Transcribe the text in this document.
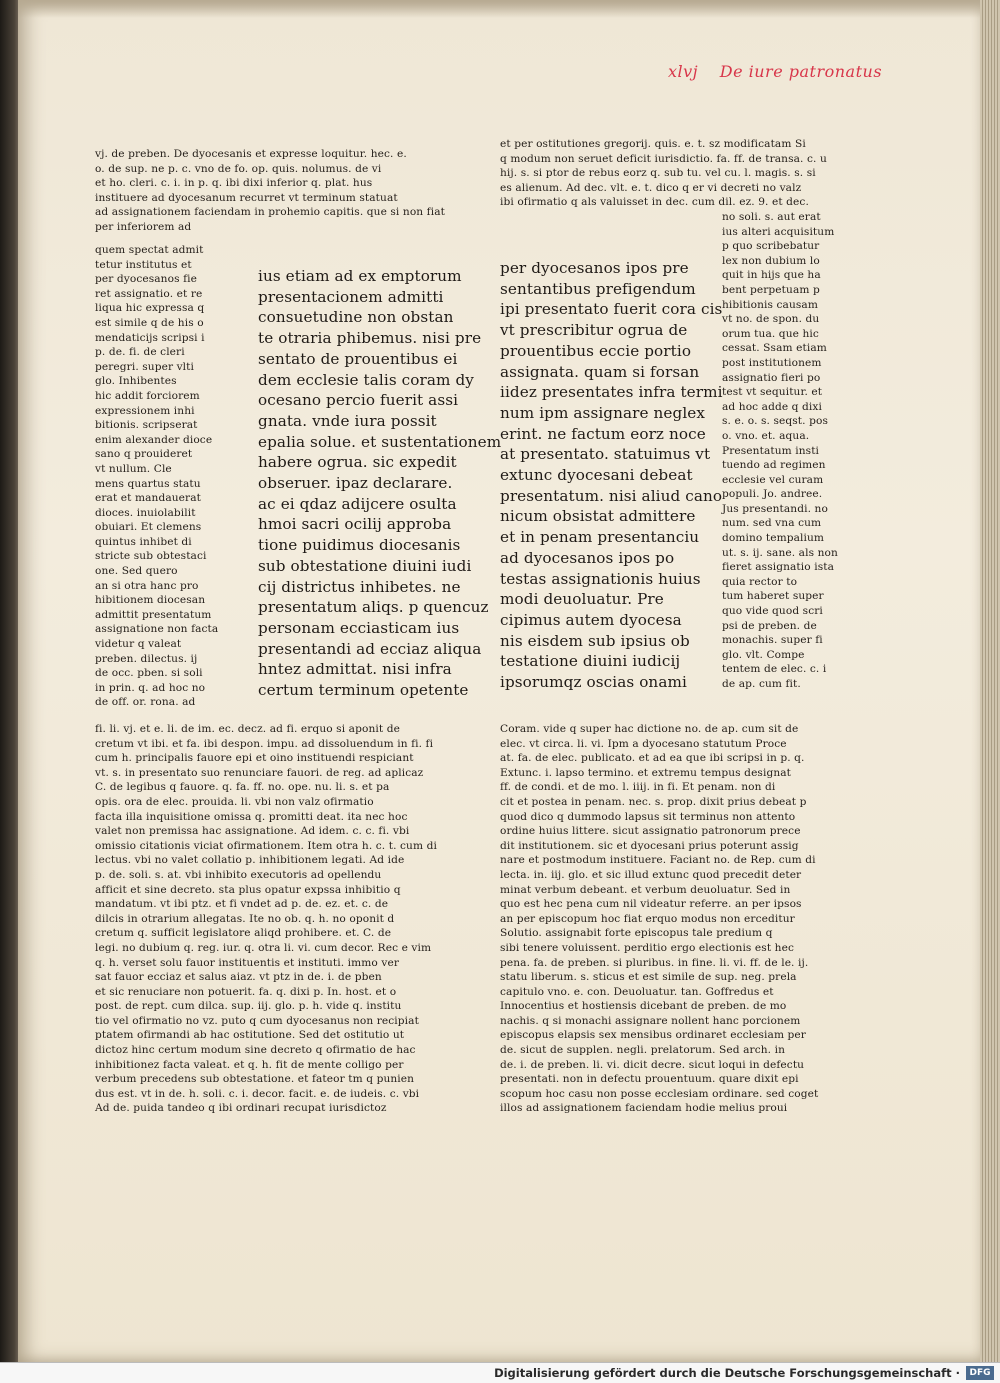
xlvj De iure patronatus
vj. de preben. De dyocesanis et expresse loquitur. hec. e.
o. de sup. ne p. c. vno de fo. op. quis. nolumus. de vi
et ho. cleri. c. i. in p. q. ibi dixi inferior q. plat. hus
instituere ad dyocesanum recurret vt terminum statuat
ad assignationem faciendam in prohemio capitis. que si non fiat
per inferiorem ad
quem spectat admit
tetur institutus et
per dyocesanos fie
ret assignatio. et re
liqua hic expressa q
est simile q de his o
mendaticijs scripsi i
p. de. fi. de cleri
peregri. super vlti
glo. Inhibentes
hic addit forciorem
expressionem inhi
bitionis. scripserat
enim alexander dioce
sano q prouideret
vt nullum. Cle
mens quartus statu
erat et mandauerat
dioces. inuiolabilit
obuiari. Et clemens
quintus inhibet di
stricte sub obtestaci
one. Sed quero
an si otra hanc pro
hibitionem diocesan
admittit presentatum
assignatione non facta
videtur q valeat
preben. dilectus. ij
de occ. pben. si soli
in prin. q. ad hoc no
de off. or. rona. ad
fi. li. vj. et e. li. de im. ec. decz. ad fi. erquo si aponit de
cretum vt ibi. et fa. ibi despon. impu. ad dissoluendum in fi. fi
cum h. principalis fauore epi et oino instituendi respiciant
vt. s. in presentato suo renunciare fauori. de reg. ad aplicaz
C. de legibus q fauore. q. fa. ff. no. ope. nu. li. s. et pa
opis. ora de elec. prouida. li. vbi non valz ofirmatio
facta illa inquisitione omissa q. promitti deat. ita nec hoc
valet non premissa hac assignatione. Ad idem. c. c. fi. vbi
omissio citationis viciat ofirmationem. Item otra h. c. t. cum di
lectus. vbi no valet collatio p. inhibitionem legati. Ad ide
p. de. soli. s. at. vbi inhibito executoris ad opellendu
afficit et sine decreto. sta plus opatur expssa inhibitio q
mandatum. vt ibi ptz. et fi vndet ad p. de. ez. et. c. de
dilcis in otrarium allegatas. Ite no ob. q. h. no oponit d
cretum q. sufficit legislatore aliqd prohibere. et. C. de
legi. no dubium q. reg. iur. q. otra li. vi. cum decor. Rec e vim
q. h. verset solu fauor instituentis et instituti. immo ver
sat fauor ecciaz et salus aiaz. vt ptz in de. i. de pben
et sic renuciare non potuerit. fa. q. dixi p. In. host. et o
post. de rept. cum dilca. sup. iij. glo. p. h. vide q. institu
tio vel ofirmatio no vz. puto q cum dyocesanus non recipiat
ptatem ofirmandi ab hac ostitutione. Sed det ostitutio ut
dictoz hinc certum modum sine decreto q ofirmatio de hac
inhibitionez facta valeat. et q. h. fit de mente colligo per
verbum precedens sub obtestatione. et fateor tm q punien
dus est. vt in de. h. soli. c. i. decor. facit. e. de iudeis. c. vbi
Ad de. puida tandeo q ibi ordinari recupat iurisdictoz
ius etiam ad ex emptorum
presentacionem admitti
consuetudine non obstan
te otraria phibemus. nisi pre
sentato de prouentibus ei
dem ecclesie talis coram dy
ocesano percio fuerit assi
gnata. vnde iura possit
epalia solue. et sustentationem
habere ogrua. sic expedit
obseruer. ipaz declarare.
ac ei qdaz adijcere osulta
hmoi sacri ocilij approba
tione puidimus diocesanis
sub obtestatione diuini iudi
cij districtus inhibetes. ne
presentatum aliqs. p quencuz
personam ecciasticam ius
presentandi ad ecciaz aliqua
hntez admittat. nisi infra
certum terminum opetente
per dyocesanos ipos pre
sentantibus prefigendum
ipi presentato fuerit cora cis
vt prescribitur ogrua de
prouentibus eccie portio
assignata. quam si forsan
iidez presentates infra termi
num ipm assignare neglex
erint. ne factum eorz noce
at presentato. statuimus vt
extunc dyocesani debeat
presentatum. nisi aliud cano
nicum obsistat admittere
et in penam presentanciu
ad dyocesanos ipos po
testas assignationis huius
modi deuoluatur. Pre
cipimus autem dyocesa
nis eisdem sub ipsius ob
testatione diuini iudicij
ipsorumqz oscias onami
et per ostitutiones gregorij. quis. e. t. sz modificatam Si
q modum non seruet deficit iurisdictio. fa. ff. de transa. c. u
hij. s. si ptor de rebus eorz q. sub tu. vel cu. l. magis. s. si
es alienum. Ad dec. vlt. e. t. dico q er vi decreti no valz
ibi ofirmatio q als valuisset in dec. cum dil. ez. 9. et dec.
no soli. s. aut erat
ius alteri acquisitum
p quo scribebatur
lex non dubium lo
quit in hijs que ha
bent perpetuam p
hibitionis causam
vt no. de spon. du
orum tua. que hic
cessat. Ssam etiam
post institutionem
assignatio fieri po
test vt sequitur. et
ad hoc adde q dixi
s. e. o. s. seqst. pos
o. vno. et. aqua.
Presentatum insti
tuendo ad regimen
ecclesie vel curam
populi. Jo. andree.
Jus presentandi. no
num. sed vna cum
domino tempalium
ut. s. ij. sane. als non
fieret assignatio ista
quia rector to
tum haberet super
quo vide quod scri
psi de preben. de
monachis. super fi
glo. vlt. Compe
tentem de elec. c. i
de ap. cum fit.
Coram. vide q super hac dictione no. de ap. cum sit de
elec. vt circa. li. vi. Ipm a dyocesano statutum Proce
at. fa. de elec. publicato. et ad ea que ibi scripsi in p. q.
Extunc. i. lapso termino. et extremu tempus designat
ff. de condi. et de mo. l. iiij. in fi. Et penam. non di
cit et postea in penam. nec. s. prop. dixit prius debeat p
quod dico q dummodo lapsus sit terminus non attento
ordine huius littere. sicut assignatio patronorum prece
dit institutionem. sic et dyocesani prius poterunt assig
nare et postmodum instituere. Faciant no. de Rep. cum di
lecta. in. iij. glo. et sic illud extunc quod precedit deter
minat verbum debeant. et verbum deuoluatur. Sed in
quo est hec pena cum nil videatur referre. an per ipsos
an per episcopum hoc fiat erquo modus non erceditur
Solutio. assignabit forte episcopus tale predium q
sibi tenere voluissent. perditio ergo electionis est hec
pena. fa. de preben. si pluribus. in fine. li. vi. ff. de le. ij.
statu liberum. s. sticus et est simile de sup. neg. prela
capitulo vno. e. con. Deuoluatur. tan. Goffredus et
Innocentius et hostiensis dicebant de preben. de mo
nachis. q si monachi assignare nollent hanc porcionem
episcopus elapsis sex mensibus ordinaret ecclesiam per
de. sicut de supplen. negli. prelatorum. Sed arch. in
de. i. de preben. li. vi. dicit decre. sicut loqui in defectu
presentati. non in defectu prouentuum. quare dixit epi
scopum hoc casu non posse ecclesiam ordinare. sed coget
illos ad assignationem faciendam hodie melius proui
Digitalisierung gefördert durch die Deutsche Forschungsgemeinschaft ·	DFG
